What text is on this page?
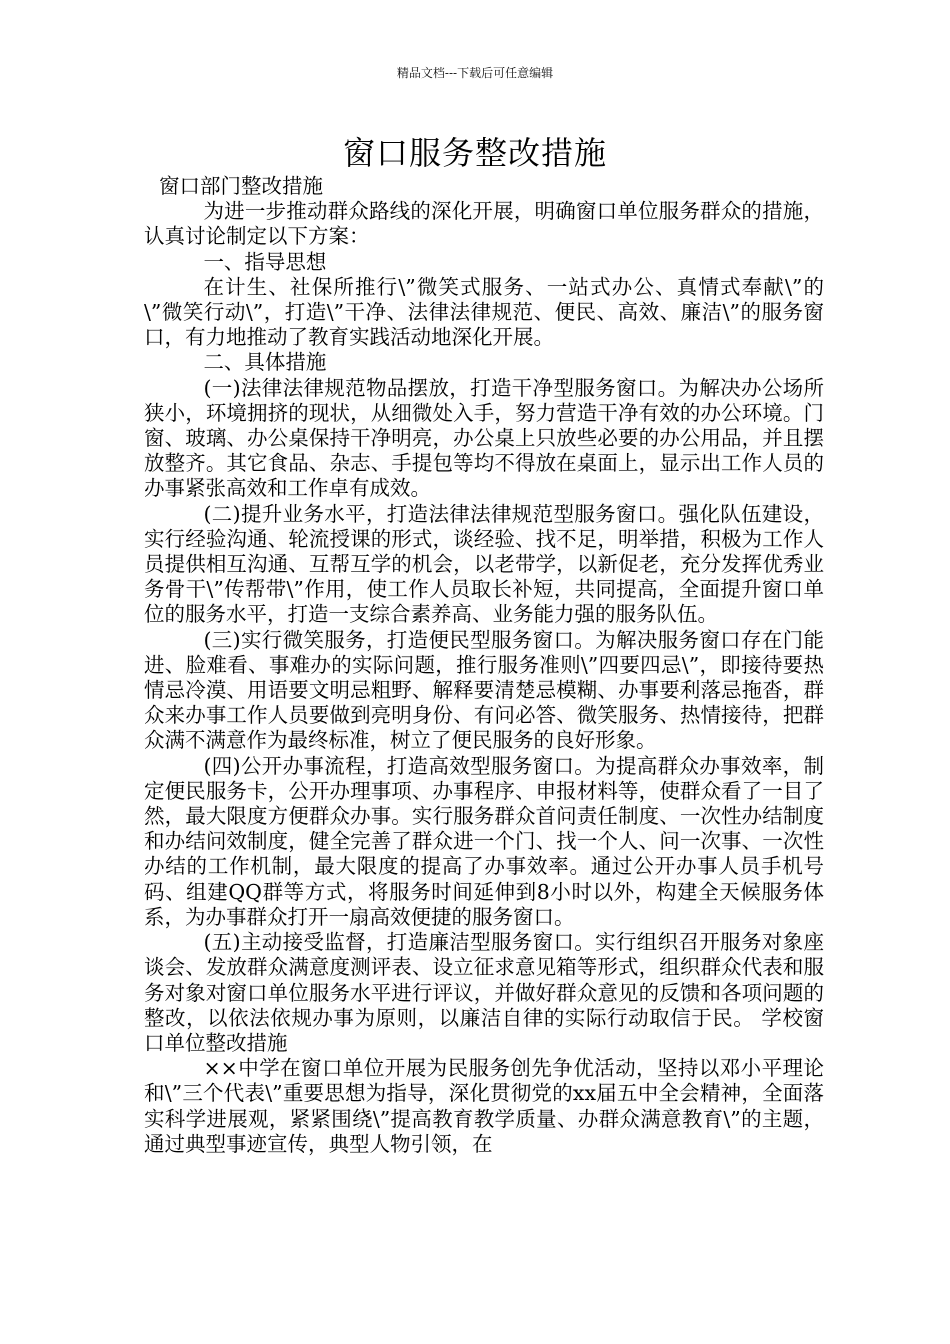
精品文档---下载后可任意编辑
窗口服务整改措施

窗口部门整改措施

为进一步推动群众路线的深化开展，明确窗口单位服务群众的措施，认真讨论制定以下方案：

一、指导思想

在计生、社保所推行\”微笑式服务、一站式办公、真情式奉献\”的\”微笑行动\”，打造\”干净、法律法律规范、便民、高效、廉洁\”的服务窗口，有力地推动了教育实践活动地深化开展。

二、具体措施

(一)法律法律规范物品摆放，打造干净型服务窗口。为解决办公场所狭小，环境拥挤的现状，从细微处入手，努力营造干净有效的办公环境。门窗、玻璃、办公桌保持干净明亮，办公桌上只放些必要的办公用品，并且摆放整齐。其它食品、杂志、手提包等均不得放在桌面上，显示出工作人员的办事紧张高效和工作卓有成效。

(二)提升业务水平，打造法律法律规范型服务窗口。强化队伍建设，实行经验沟通、轮流授课的形式，谈经验、找不足，明举措，积极为工作人员提供相互沟通、互帮互学的机会，以老带学，以新促老，充分发挥优秀业务骨干\”传帮带\”作用，使工作人员取长补短，共同提高，全面提升窗口单位的服务水平，打造一支综合素养高、业务能力强的服务队伍。

(三)实行微笑服务，打造便民型服务窗口。为解决服务窗口存在门能进、脸难看、事难办的实际问题，推行服务准则\”四要四忌\”，即接待要热情忌冷漠、用语要文明忌粗野、解释要清楚忌模糊、办事要利落忌拖沓，群众来办事工作人员要做到亮明身份、有问必答、微笑服务、热情接待，把群众满不满意作为最终标准，树立了便民服务的良好形象。

(四)公开办事流程，打造高效型服务窗口。为提高群众办事效率，制定便民服务卡，公开办理事项、办事程序、申报材料等，使群众看了一目了然，最大限度方便群众办事。实行服务群众首问责任制度、一次性办结制度和办结问效制度，健全完善了群众进一个门、找一个人、问一次事、一次性办结的工作机制，最大限度的提高了办事效率。通过公开办事人员手机号码、组建QQ群等方式，将服务时间延伸到8小时以外，构建全天候服务体系，为办事群众打开一扇高效便捷的服务窗口。

(五)主动接受监督，打造廉洁型服务窗口。实行组织召开服务对象座谈会、发放群众满意度测评表、设立征求意见箱等形式，组织群众代表和服务对象对窗口单位服务水平进行评议，并做好群众意见的反馈和各项问题的整改，以依法依规办事为原则，以廉洁自律的实际行动取信于民。 学校窗口单位整改措施

××中学在窗口单位开展为民服务创先争优活动，坚持以邓小平理论和\”三个代表\”重要思想为指导，深化贯彻党的xx届五中全会精神，全面落实科学进展观，紧紧围绕\”提高教育教学质量、办群众满意教育\”的主题，通过典型事迹宣传，典型人物引领，在
